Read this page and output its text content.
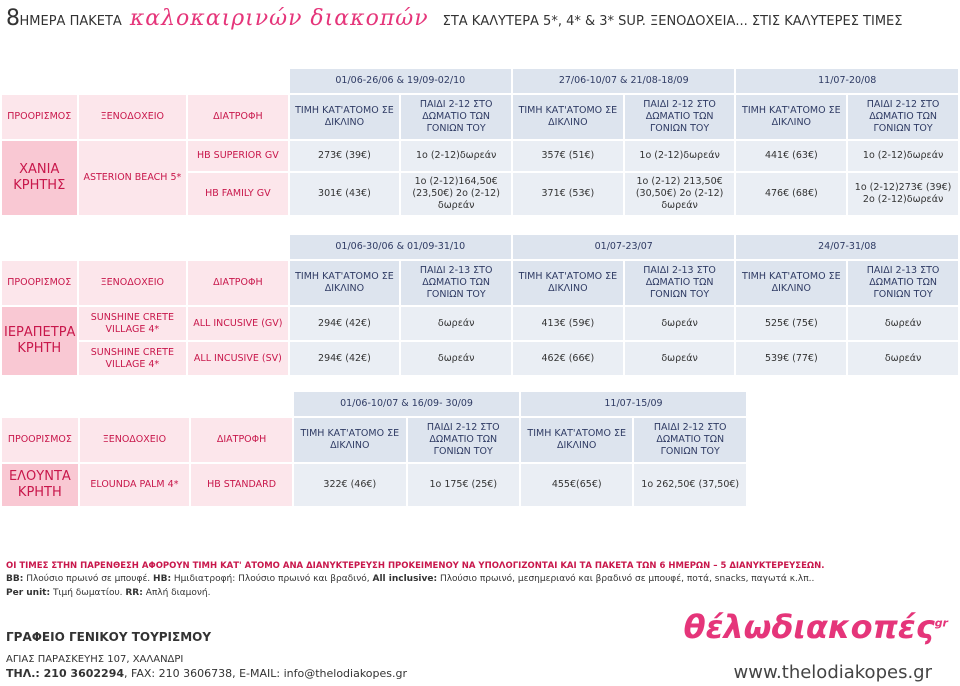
8ΗΜΕΡΑ ΠΑΚΕΤΑ καλοκαιρινών διακοπών ΣΤΑ ΚΑΛΥΤΕΡΑ 5*, 4* & 3* SUP. ΞΕΝΟΔΟΧΕΙΑ... ΣΤΙΣ ΚΑΛΥΤΕΡΕΣ ΤΙΜΕΣ
			01/06-26/06 & 19/09-02/10		27/06-10/07 & 21/08-18/09		11/07-20/08	
ΠΡΟΟΡΙΣΜΟΣ	ΞΕΝΟΔΟΧΕΙΟ	ΔΙΑΤΡΟΦΗ	ΤΙΜΗ ΚΑΤ'ΑΤΟΜΟ ΣΕ ΔΙΚΛΙΝΟ	ΠΑΙΔΙ 2-12 ΣΤΟ ΔΩΜΑΤΙΟ ΤΩΝ ΓΟΝΙΩΝ ΤΟΥ	ΤΙΜΗ ΚΑΤ'ΑΤΟΜΟ ΣΕ ΔΙΚΛΙΝΟ	ΠΑΙΔΙ 2-12 ΣΤΟ ΔΩΜΑΤΙΟ ΤΩΝ ΓΟΝΙΩΝ ΤΟΥ	ΤΙΜΗ ΚΑΤ'ΑΤΟΜΟ ΣΕ ΔΙΚΛΙΝΟ	ΠΑΙΔΙ 2-12 ΣΤΟ ΔΩΜΑΤΙΟ ΤΩΝ ΓΟΝΙΩΝ ΤΟΥ
ΧΑΝΙΑ ΚΡΗΤΗΣ	ASTERION BEACH 5*	HB SUPERIOR GV	273€ (39€)	1ο (2-12)δωρεάν	357€ (51€)	1ο (2-12)δωρεάν	441€ (63€)	1ο (2-12)δωρεάν
		HB FAMILY GV	301€ (43€)	1ο (2-12)164,50€ (23,50€) 2ο (2-12) δωρεάν	371€ (53€)	1ο (2-12) 213,50€ (30,50€) 2ο (2-12) δωρεάν	476€ (68€)	1ο (2-12)273€ (39€) 2ο (2-12)δωρεάν
			01/06-30/06 & 01/09-31/10		01/07-23/07		24/07-31/08	
ΠΡΟΟΡΙΣΜΟΣ	ΞΕΝΟΔΟΧΕΙΟ	ΔΙΑΤΡΟΦΗ	ΤΙΜΗ ΚΑΤ'ΑΤΟΜΟ ΣΕ ΔΙΚΛΙΝΟ	ΠΑΙΔΙ 2-13 ΣΤΟ ΔΩΜΑΤΙΟ ΤΩΝ ΓΟΝΙΩΝ ΤΟΥ	ΤΙΜΗ ΚΑΤ'ΑΤΟΜΟ ΣΕ ΔΙΚΛΙΝΟ	ΠΑΙΔΙ 2-13 ΣΤΟ ΔΩΜΑΤΙΟ ΤΩΝ ΓΟΝΙΩΝ ΤΟΥ	ΤΙΜΗ ΚΑΤ'ΑΤΟΜΟ ΣΕ ΔΙΚΛΙΝΟ	ΠΑΙΔΙ 2-13 ΣΤΟ ΔΩΜΑΤΙΟ ΤΩΝ ΓΟΝΙΩΝ ΤΟΥ
ΙΕΡΑΠΕΤΡΑ ΚΡΗΤΗ	SUNSHINE CRETE VILLAGE 4*	ALL INCUSIVE (GV)	294€ (42€)	δωρεάν	413€ (59€)	δωρεάν	525€ (75€)	δωρεάν
	SUNSHINE CRETE VILLAGE 4*	ALL INCUSIVE (SV)	294€ (42€)	δωρεάν	462€ (66€)	δωρεάν	539€ (77€)	δωρεάν
			01/06-10/07 & 16/09- 30/09		11/07-15/09	
ΠΡΟΟΡΙΣΜΟΣ	ΞΕΝΟΔΟΧΕΙΟ	ΔΙΑΤΡΟΦΗ	ΤΙΜΗ ΚΑΤ'ΑΤΟΜΟ ΣΕ ΔΙΚΛΙΝΟ	ΠΑΙΔΙ 2-12 ΣΤΟ ΔΩΜΑΤΙΟ ΤΩΝ ΓΟΝΙΩΝ ΤΟΥ	ΤΙΜΗ ΚΑΤ'ΑΤΟΜΟ ΣΕ ΔΙΚΛΙΝΟ	ΠΑΙΔΙ 2-12 ΣΤΟ ΔΩΜΑΤΙΟ ΤΩΝ ΓΟΝΙΩΝ ΤΟΥ
ΕΛΟΥΝΤΑ ΚΡΗΤΗ	ELOUNDA PALM 4*	HB STANDARD	322€ (46€)	1ο 175€ (25€)	455€(65€)	1ο 262,50€ (37,50€)
ΟΙ ΤΙΜΕΣ ΣΤΗΝ ΠΑΡΕΝΘΕΣΗ ΑΦΟΡΟΥΝ ΤΙΜΗ ΚΑΤ' ΑΤΟΜΟ ΑΝΑ ΔΙΑΝΥΚΤΕΡΕΥΣΗ ΠΡΟΚΕΙΜΕΝΟΥ ΝΑ ΥΠΟΛΟΓΙΖΟΝΤΑΙ ΚΑΙ ΤΑ ΠΑΚΕΤΑ ΤΩΝ 6 ΗΜΕΡΩΝ – 5 ΔΙΑΝΥΚΤΕΡΕΥΣΕΩΝ.
BB: Πλούσιο πρωινό σε μπουφέ. HB: Ημιδιατροφή: Πλούσιο πρωινό και βραδινό, All inclusive: Πλούσιο πρωινό, μεσημεριανό και βραδινό σε μπουφέ, ποτά, snacks, παγωτά κ.λπ..
Per unit: Τιμή δωματίου. RR: Απλή διαμονή.
ΓΡΑΦΕΙΟ ΓΕΝΙΚΟΥ ΤΟΥΡΙΣΜΟΥ
ΑΓΙΑΣ ΠΑΡΑΣΚΕΥΗΣ 107, ΧΑΛΑΝΔΡΙ
ΤΗΛ.: 210 3602294, FAX: 210 3606738, E-MAIL: info@thelodiakopes.gr
θέλωδιακοπές$^{gr}$
www.thelodiakopes.gr
